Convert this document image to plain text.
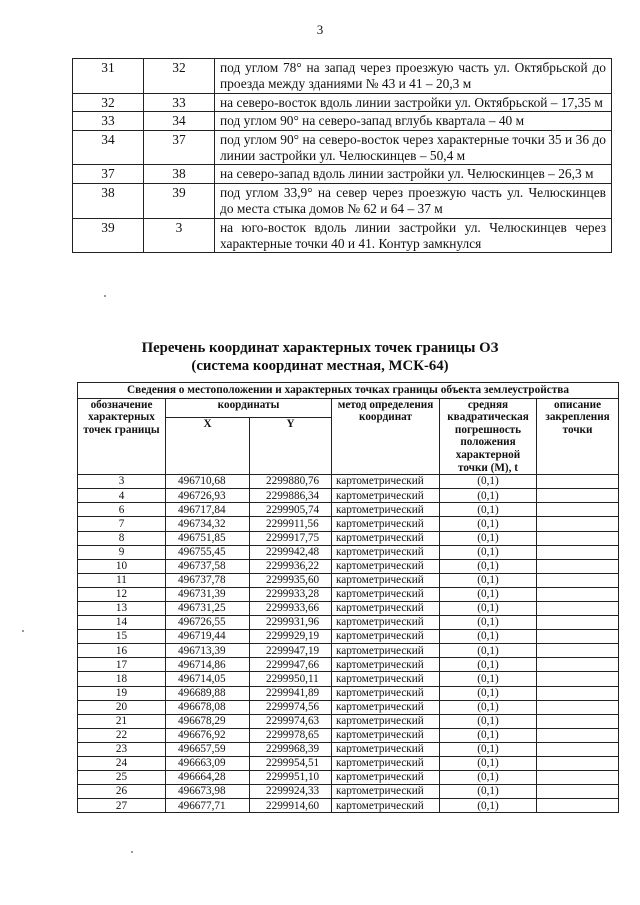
3
31	32	под углом 78° на запад через проезжую часть ул. Октябрьской до проезда между зданиями № 43 и 41 – 20,3 м
32	33	на северо-восток вдоль линии застройки ул. Октябрьской – 17,35 м
33	34	под углом 90° на северо-запад вглубь квартала – 40 м
34	37	под углом 90° на северо-восток через характерные точки 35 и 36 до линии застройки ул. Челюскинцев – 50,4 м
37	38	на северо-запад вдоль линии застройки ул. Челюскинцев – 26,3 м
38	39	под углом 33,9° на север через проезжую часть ул. Челюскинцев до места стыка домов № 62 и 64 – 37 м
39	3	на юго-восток вдоль линии застройки ул. Челюскинцев через характерные точки 40 и 41. Контур замкнулся
Перечень координат характерных точек границы ОЗ
(система координат местная, МСК-64)
Сведения о местоположении и характерных точках границы объекта землеустройства					
обозначение характерных точек границы	координаты		метод определения координат	средняя квадратическая погрешность положения характерной точки (M), t	описание закрепления точки
	X	Y			
3	496710,68	2299880,76	картометрический	(0,1)	
4	496726,93	2299886,34	картометрический	(0,1)	
6	496717,84	2299905,74	картометрический	(0,1)	
7	496734,32	2299911,56	картометрический	(0,1)	
8	496751,85	2299917,75	картометрический	(0,1)	
9	496755,45	2299942,48	картометрический	(0,1)	
10	496737,58	2299936,22	картометрический	(0,1)	
11	496737,78	2299935,60	картометрический	(0,1)	
12	496731,39	2299933,28	картометрический	(0,1)	
13	496731,25	2299933,66	картометрический	(0,1)	
14	496726,55	2299931,96	картометрический	(0,1)	
15	496719,44	2299929,19	картометрический	(0,1)	
16	496713,39	2299947,19	картометрический	(0,1)	
17	496714,86	2299947,66	картометрический	(0,1)	
18	496714,05	2299950,11	картометрический	(0,1)	
19	496689,88	2299941,89	картометрический	(0,1)	
20	496678,08	2299974,56	картометрический	(0,1)	
21	496678,29	2299974,63	картометрический	(0,1)	
22	496676,92	2299978,65	картометрический	(0,1)	
23	496657,59	2299968,39	картометрический	(0,1)	
24	496663,09	2299954,51	картометрический	(0,1)	
25	496664,28	2299951,10	картометрический	(0,1)	
26	496673,98	2299924,33	картометрический	(0,1)	
27	496677,71	2299914,60	картометрический	(0,1)	
